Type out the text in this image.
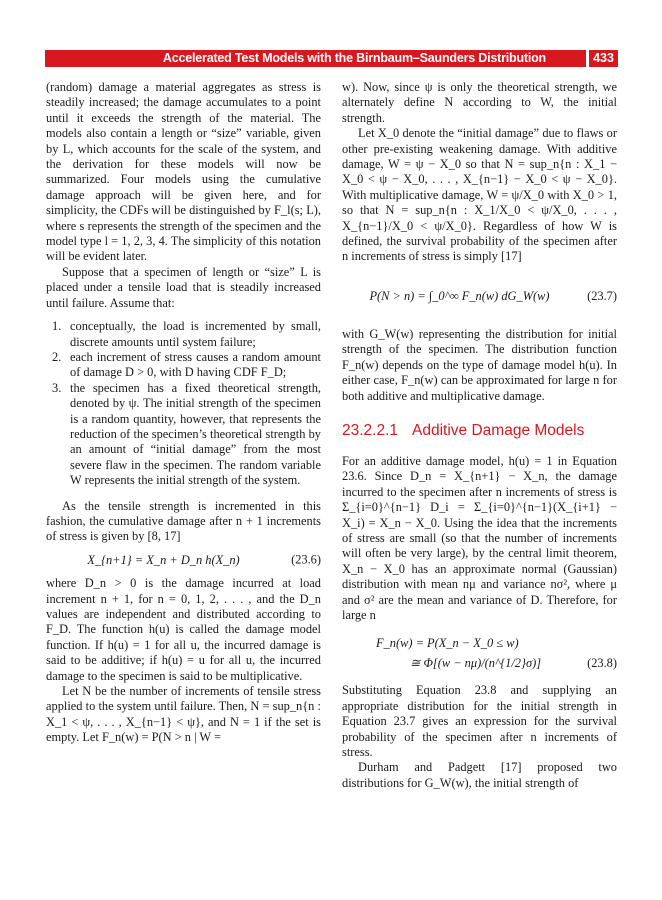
Accelerated Test Models with the Birnbaum–Saunders Distribution	433

(random) damage a material aggregates as stress is steadily increased; the damage accumulates to a point until it exceeds the strength of the material. The models also contain a length or “size” variable, given by L, which accounts for the scale of the system, and the derivation for these models will now be summarized. Four models using the cumulative damage approach will be given here, and for simplicity, the CDFs will be distinguished by F_l(s; L), where s represents the strength of the specimen and the model type l = 1, 2, 3, 4. The simplicity of this notation will be evident later.

Suppose that a specimen of length or “size” L is placed under a tensile load that is steadily increased until failure. Assume that:

1. conceptually, the load is incremented by small, discrete amounts until system failure;
2. each increment of stress causes a random amount of damage D > 0, with D having CDF F_D;
3. the specimen has a fixed theoretical strength, denoted by ψ. The initial strength of the specimen is a random quantity, however, that represents the reduction of the specimen’s theoretical strength by an amount of “initial damage” from the most severe flaw in the specimen. The random variable W represents the initial strength of the system.

As the tensile strength is incremented in this fashion, the cumulative damage after n + 1 increments of stress is given by [8, 17]

X_{n+1} = X_n + D_n h(X_n)	(23.6)

where D_n > 0 is the damage incurred at load increment n + 1, for n = 0, 1, 2, . . . , and the D_n values are independent and distributed according to F_D. The function h(u) is called the damage model function. If h(u) = 1 for all u, the incurred damage is said to be additive; if h(u) = u for all u, the incurred damage to the specimen is said to be multiplicative.

Let N be the number of increments of tensile stress applied to the system until failure. Then, N = sup_n{n : X_1 < ψ, . . . , X_{n−1} < ψ}, and N = 1 if the set is empty. Let F_n(w) = P(N > n | W =

w). Now, since ψ is only the theoretical strength, we alternately define N according to W, the initial strength.

Let X_0 denote the “initial damage” due to flaws or other pre-existing weakening damage. With additive damage, W = ψ − X_0 so that N = sup_n{n : X_1 − X_0 < ψ − X_0, . . . , X_{n−1} − X_0 < ψ − X_0}. With multiplicative damage, W = ψ/X_0 with X_0 > 1, so that N = sup_n{n : X_1/X_0 < ψ/X_0, . . . , X_{n−1}/X_0 < ψ/X_0}. Regardless of how W is defined, the survival probability of the specimen after n increments of stress is simply [17]

P(N > n) = ∫_0^∞ F_n(w) dG_W(w)	(23.7)

with G_W(w) representing the distribution for initial strength of the specimen. The distribution function F_n(w) depends on the type of damage model h(u). In either case, F_n(w) can be approximated for large n for both additive and multiplicative damage.

23.2.2.1 Additive Damage Models

For an additive damage model, h(u) = 1 in Equation 23.6. Since D_n = X_{n+1} − X_n, the damage incurred to the specimen after n increments of stress is Σ_{i=0}^{n−1} D_i = Σ_{i=0}^{n−1}(X_{i+1} − X_i) = X_n − X_0. Using the idea that the increments of stress are small (so that the number of increments will often be very large), by the central limit theorem, X_n − X_0 has an approximate normal (Gaussian) distribution with mean nμ and variance nσ², where μ and σ² are the mean and variance of D. Therefore, for large n

F_n(w) = P(X_n − X_0 ≤ w)
≅ Φ[(w − nμ)/(n^{1/2}σ)]	(23.8)

Substituting Equation 23.8 and supplying an appropriate distribution for the initial strength in Equation 23.7 gives an expression for the survival probability of the specimen after n increments of stress.

Durham and Padgett [17] proposed two distributions for G_W(w), the initial strength of
